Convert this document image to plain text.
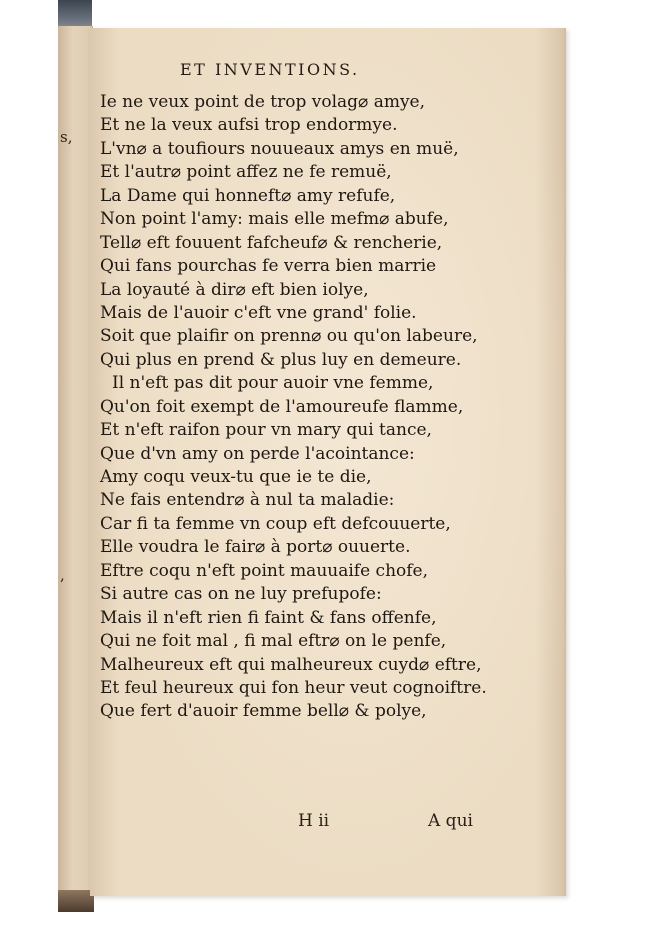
s,
,
ET INVENTIONS.
Ie ne veux point de trop volag⌀ amye,
Et ne la veux aufsi trop endormye.
L'vn⌀ a toufiours nouueaux amys en muë,
Et l'autr⌀ point affez ne fe remuë,
La Dame qui honneft⌀ amy refufe,
Non point l'amy: mais elle mefm⌀ abufe,
Tell⌀ eft fouuent fafcheuf⌀ & rencherie,
Qui fans pourchas fe verra bien marrie
La loyauté à dir⌀ eft bien iolye,
Mais de l'auoir c'eft vne grand' folie.
Soit que plaifir on prenn⌀ ou qu'on labeure,
Qui plus en prend & plus luy en demeure.
Il n'eft pas dit pour auoir vne femme,
Qu'on foit exempt de l'amoureufe flamme,
Et n'eft raifon pour vn mary qui tance,
Que d'vn amy on perde l'acointance:
Amy coqu veux-tu que ie te die,
Ne fais entendr⌀ à nul ta maladie:
Car fi ta femme vn coup eft defcouuerte,
Elle voudra le fair⌀ à port⌀ ouuerte.
Eftre coqu n'eft point mauuaife chofe,
Si autre cas on ne luy prefupofe:
Mais il n'eft rien fi faint & fans offenfe,
Qui ne foit mal , fi mal eftr⌀ on le penfe,
Malheureux eft qui malheureux cuyd⌀ eftre,
Et feul heureux qui fon heur veut cognoiftre.
Que fert d'auoir femme bell⌀ & polye,
H ii	A qui
